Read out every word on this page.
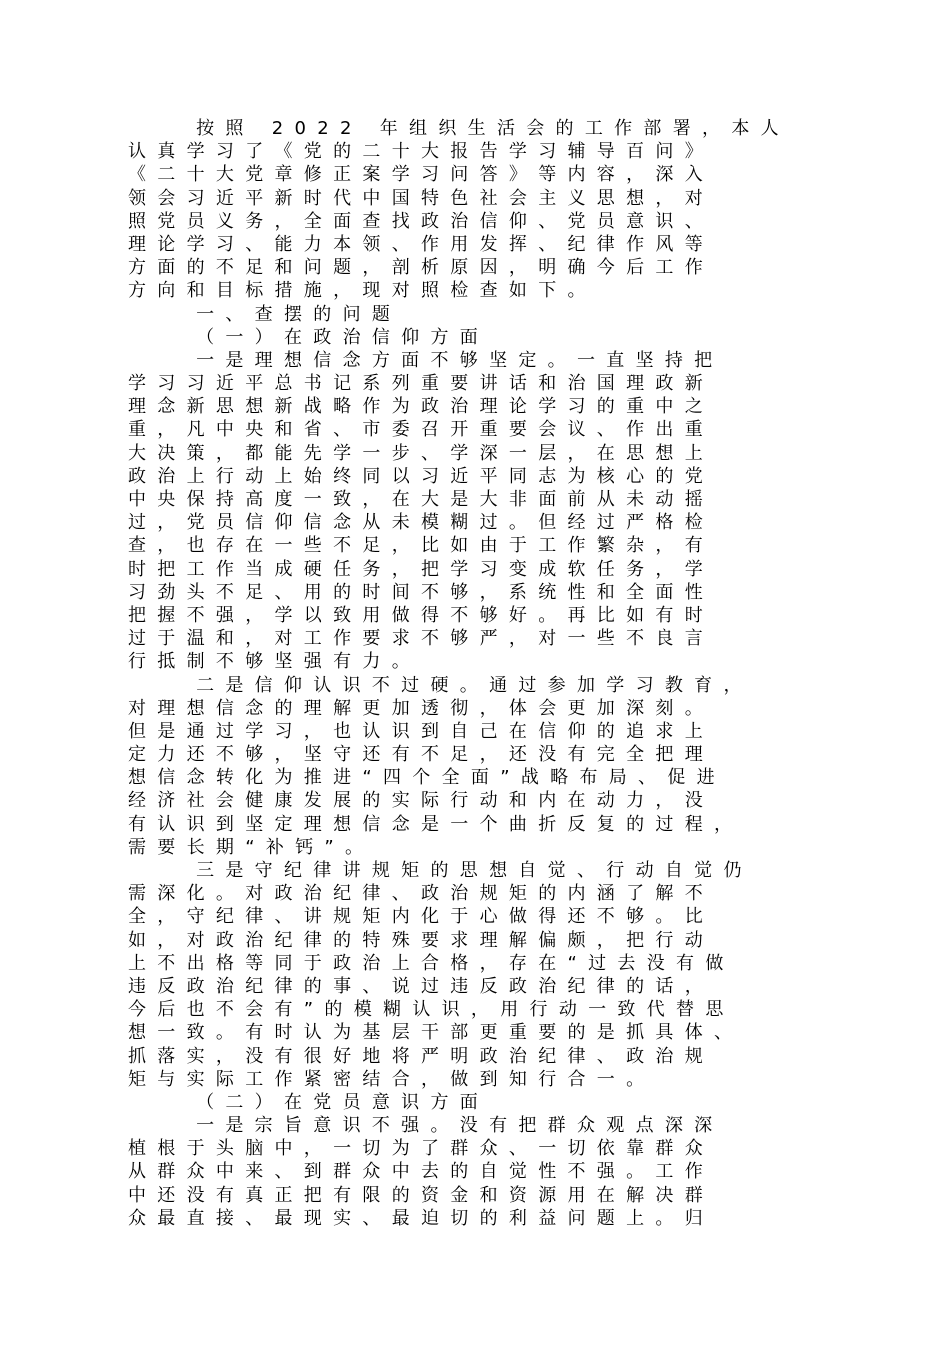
按照 2022 年组织生活会的工作部署，本人
认真学习了《党的二十大报告学习辅导百问》
《二十大党章修正案学习问答》等内容，深入
领会习近平新时代中国特色社会主义思想，对
照党员义务，全面查找政治信仰、党员意识、
理论学习、能力本领、作用发挥、纪律作风等
方面的不足和问题，剖析原因，明确今后工作
方向和目标措施，现对照检查如下。
一、查摆的问题
（一）在政治信仰方面
一是理想信念方面不够坚定。一直坚持把
学习习近平总书记系列重要讲话和治国理政新
理念新思想新战略作为政治理论学习的重中之
重，凡中央和省、市委召开重要会议、作出重
大决策，都能先学一步、学深一层，在思想上
政治上行动上始终同以习近平同志为核心的党
中央保持高度一致，在大是大非面前从未动摇
过，党员信仰信念从未模糊过。但经过严格检
查，也存在一些不足，比如由于工作繁杂，有
时把工作当成硬任务，把学习变成软任务，学
习劲头不足、用的时间不够，系统性和全面性
把握不强，学以致用做得不够好。再比如有时
过于温和，对工作要求不够严，对一些不良言
行抵制不够坚强有力。
二是信仰认识不过硬。通过参加学习教育，
对理想信念的理解更加透彻，体会更加深刻。
但是通过学习，也认识到自己在信仰的追求上
定力还不够，坚守还有不足，还没有完全把理
想信念转化为推进“四个全面”战略布局、促进
经济社会健康发展的实际行动和内在动力，没
有认识到坚定理想信念是一个曲折反复的过程，
需要长期“补钙”。
三是守纪律讲规矩的思想自觉、行动自觉仍
需深化。对政治纪律、政治规矩的内涵了解不
全，守纪律、讲规矩内化于心做得还不够。比
如，对政治纪律的特殊要求理解偏颇，把行动
上不出格等同于政治上合格，存在“过去没有做
违反政治纪律的事、说过违反政治纪律的话，
今后也不会有”的模糊认识，用行动一致代替思
想一致。有时认为基层干部更重要的是抓具体、
抓落实，没有很好地将严明政治纪律、政治规
矩与实际工作紧密结合，做到知行合一。
（二）在党员意识方面
一是宗旨意识不强。没有把群众观点深深
植根于头脑中，一切为了群众、一切依靠群众
从群众中来、到群众中去的自觉性不强。工作
中还没有真正把有限的资金和资源用在解决群
众最直接、最现实、最迫切的利益问题上。归
